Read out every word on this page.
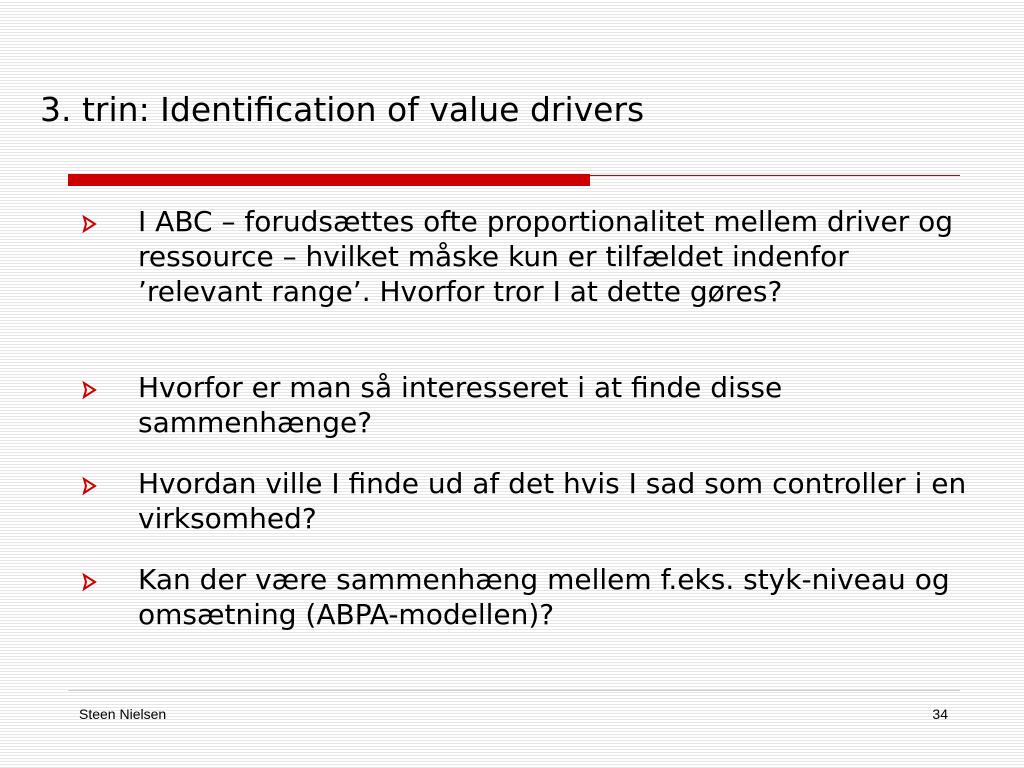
3. trin: Identification of value drivers
I ABC – forudsættes ofte proportionalitet mellem driver og ressource – hvilket måske kun er tilfældet indenfor ’relevant range’. Hvorfor tror I at dette gøres?
Hvorfor er man så interesseret i at finde disse sammenhænge?
Hvordan ville I finde ud af det hvis I sad som controller i en virksomhed?
Kan der være sammenhæng mellem f.eks. styk-niveau og omsætning (ABPA-modellen)?
Steen Nielsen	34
